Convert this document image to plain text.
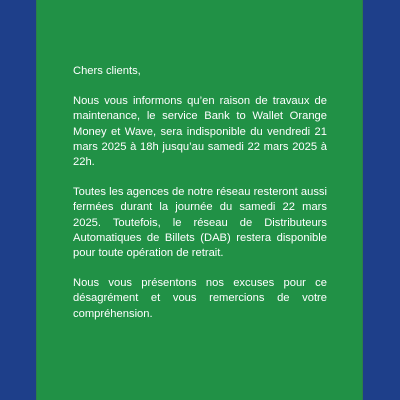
Chers clients,

Nous vous informons qu’en raison de travaux de maintenance, le service Bank to Wallet Orange Money et Wave, sera indisponible du vendredi 21 mars 2025 à 18h jusqu’au samedi 22 mars 2025 à 22h.

Toutes les agences de notre réseau resteront aussi fermées durant la journée du samedi 22 mars 2025. Toutefois, le réseau de Distributeurs Automatiques de Billets (DAB) restera disponible pour toute opération de retrait.

Nous vous présentons nos excuses pour ce désagrément et vous remercions de votre compréhension.
